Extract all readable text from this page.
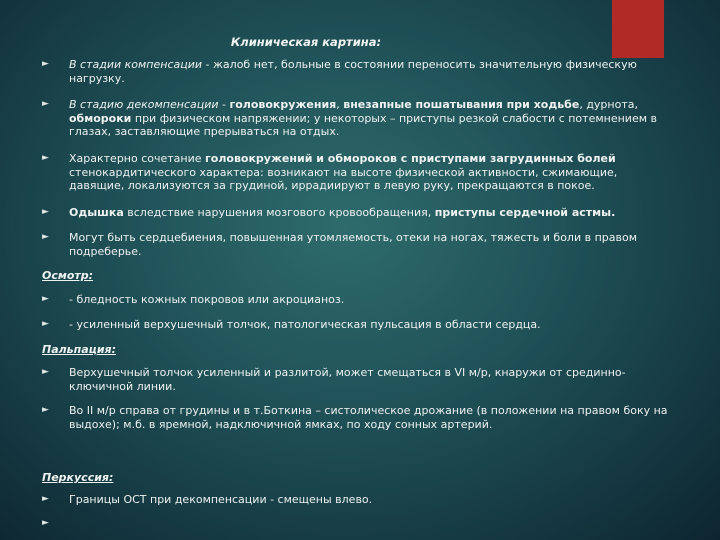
Клиническая картина:
► В стадии компенсации - жалоб нет, больные в состоянии переносить значительную физическую нагрузку.
► В стадию декомпенсации - головокружения, внезапные пошатывания при ходьбе, дурнота, обмороки при физическом напряжении; у некоторых – приступы резкой слабости с потемнением в глазах, заставляющие прерываться на отдых.
► Характерно сочетание головокружений и обмороков с приступами загрудинных болей стенокардитического характера: возникают на высоте физической активности, сжимающие, давящие, локализуются за грудиной, иррадиируют в левую руку, прекращаются в покое.
► Одышка вследствие нарушения мозгового кровообращения, приступы сердечной астмы.
► Могут быть сердцебиения, повышенная утомляемость, отеки на ногах, тяжесть и боли в правом подреберье.
Осмотр:
► - бледность кожных покровов или акроцианоз.
► - усиленный верхушечный толчок, патологическая пульсация в области сердца.
Пальпация:
► Верхушечный толчок усиленный и разлитой, может смещаться в VI м/р, кнаружи от срединно-ключичной линии.
► Во II м/р справа от грудины и в т.Боткина – систолическое дрожание (в положении на правом боку на выдохе); м.б. в яремной, надключичной ямках, по ходу сонных артерий.
Перкуссия:
► Границы ОСТ при декомпенсации - смещены влево.
►
